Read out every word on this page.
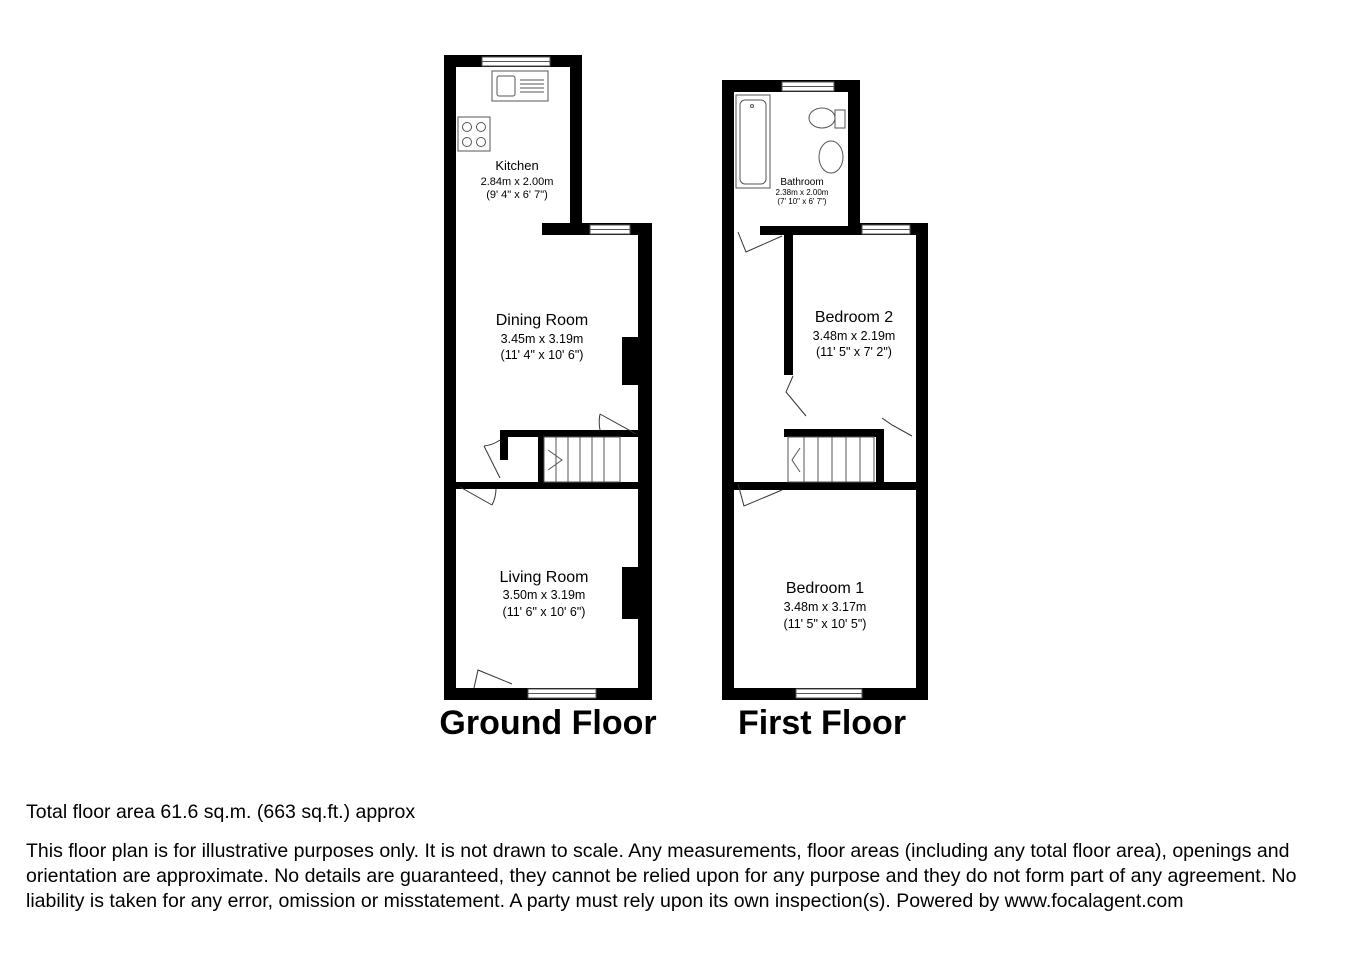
Kitchen
2.84m x 2.00m
(9' 4" x 6' 7")
Dining Room
3.45m x 3.19m
(11' 4" x 10' 6")
Living Room
3.50m x 3.19m
(11' 6" x 10' 6")
Ground Floor
Bathroom
2.38m x 2.00m
(7' 10" x 6' 7")
Bedroom 2
3.48m x 2.19m
(11' 5" x 7' 2")
Bedroom 1
3.48m x 3.17m
(11' 5" x 10' 5")
First Floor

Total floor area 61.6 sq.m. (663 sq.ft.) approx

This floor plan is for illustrative purposes only. It is not drawn to scale. Any measurements, floor areas (including any total floor area), openings and orientation are approximate. No details are guaranteed, they cannot be relied upon for any purpose and they do not form part of any agreement. No liability is taken for any error, omission or misstatement. A party must rely upon its own inspection(s). Powered by www.focalagent.com
